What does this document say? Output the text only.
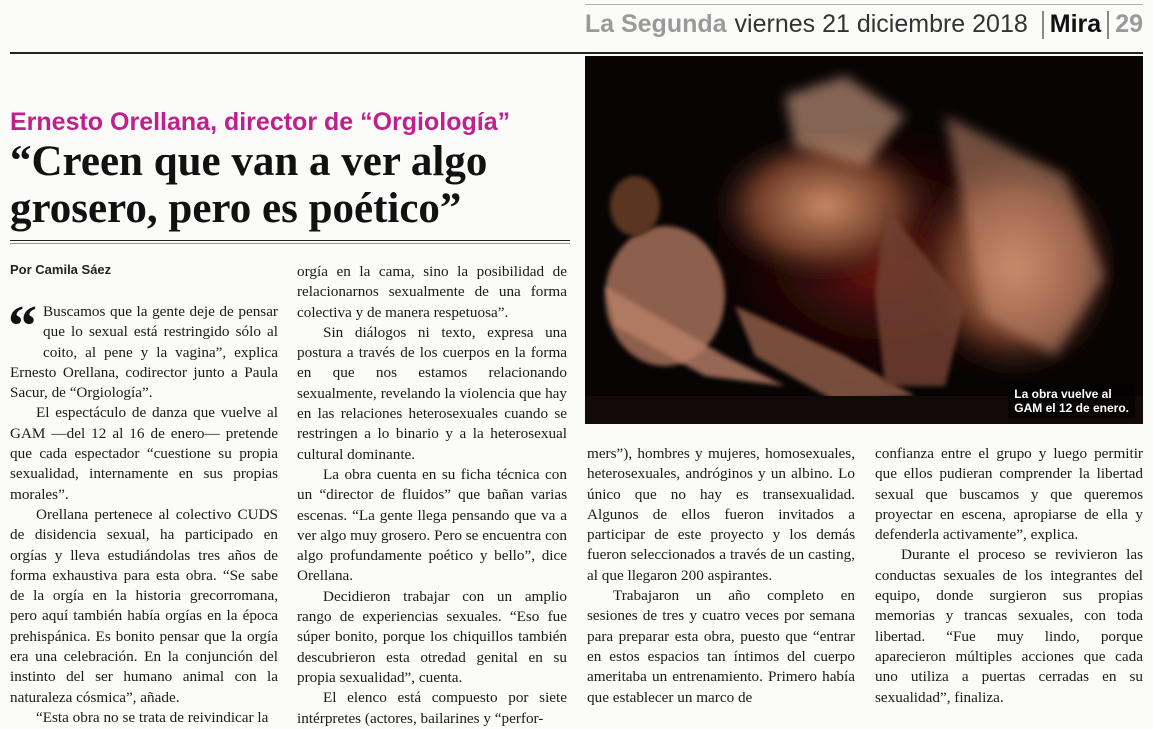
La Segunda viernes 21 diciembre 2018 Mira 29
La obra vuelve al
GAM el 12 de enero.
Ernesto Orellana, director de “Orgiología”
“Creen que van a ver algo
grosero, pero es poético”
Por Camila Sáez

“ Buscamos que la gente deje de pensar que lo sexual está restringido sólo al coito, al pene y la vagina”, explica Ernesto Orellana, codirector junto a Paula Sacur, de “Orgiología”.

El espectáculo de danza que vuelve al GAM —del 12 al 16 de enero— pretende que cada espectador “cuestione su propia sexualidad, internamente en sus propias morales”.

Orellana pertenece al colectivo CUDS de disidencia sexual, ha participado en orgías y lleva estudiándolas tres años de forma exhaustiva para esta obra. “Se sabe de la orgía en la historia grecorromana, pero aquí también había orgías en la época prehispánica. Es bonito pensar que la orgía era una celebración. En la conjunción del instinto del ser humano animal con la naturaleza cósmica”, añade.

“Esta obra no se trata de reivindicar la

orgía en la cama, sino la posibilidad de relacionarnos sexualmente de una forma colectiva y de manera respetuosa”.

Sin diálogos ni texto, expresa una postura a través de los cuerpos en la forma en que nos estamos relacionando sexualmente, revelando la violencia que hay en las relaciones heterosexuales cuando se restringen a lo binario y a la heterosexual cultural dominante.

La obra cuenta en su ficha técnica con un “director de fluidos” que bañan varias escenas. “La gente llega pensando que va a ver algo muy grosero. Pero se encuentra con algo profundamente poético y bello”, dice Orellana.

Decidieron trabajar con un amplio rango de experiencias sexuales. “Eso fue súper bonito, porque los chiquillos también descubrieron esta otredad genital en su propia sexualidad”, cuenta.

El elenco está compuesto por siete intérpretes (actores, bailarines y “perfor-

mers”), hombres y mujeres, homosexuales, heterosexuales, andróginos y un albino. Lo único que no hay es transexualidad. Algunos de ellos fueron invitados a participar de este proyecto y los demás fueron seleccionados a través de un casting, al que llegaron 200 aspirantes.

Trabajaron un año completo en sesiones de tres y cuatro veces por semana para preparar esta obra, puesto que “entrar en estos espacios tan íntimos del cuerpo ameritaba un entrenamiento. Primero había que establecer un marco de

confianza entre el grupo y luego permitir que ellos pudieran comprender la libertad sexual que buscamos y que queremos proyectar en escena, apropiarse de ella y defenderla activamente”, explica.

Durante el proceso se revivieron las conductas sexuales de los integrantes del equipo, donde surgieron sus propias memorias y trancas sexuales, con toda libertad. “Fue muy lindo, porque aparecieron múltiples acciones que cada uno utiliza a puertas cerradas en su sexualidad”, finaliza.
